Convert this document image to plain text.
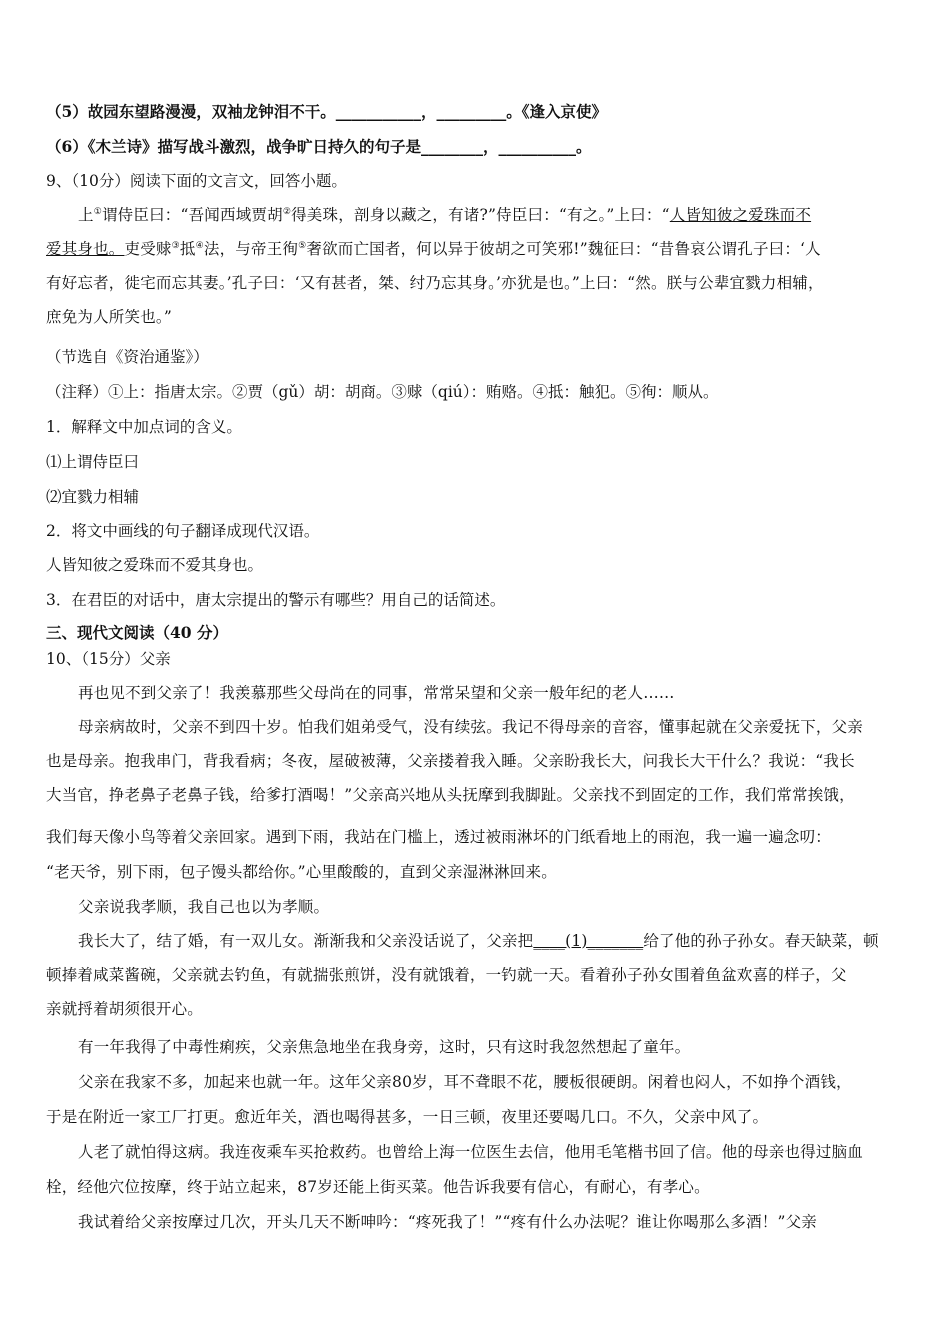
（5）故园东望路漫漫，双袖龙钟泪不干。___________，_________。《逢入京使》
（6）《木兰诗》描写战斗激烈，战争旷日持久的句子是________，__________。
9、（10分）阅读下面的文言文，回答小题。
上①谓侍臣曰：“吾闻西域贾胡②得美珠，剖身以藏之，有诸?”侍臣曰：“有之。”上曰：“人皆知彼之爱珠而不
爱其身也。吏受赇③抵④法，与帝王徇⑤奢欲而亡国者，何以异于彼胡之可笑邪!”魏征曰：“昔鲁哀公谓孔子曰：‘人
有好忘者，徙宅而忘其妻。’孔子曰：‘又有甚者，桀、纣乃忘其身。’亦犹是也。”上曰：“然。朕与公辈宜戮力相辅，
庶免为人所笑也。”
（节选自《资治通鉴》）
（注释）①上：指唐太宗。②贾（gǔ）胡：胡商。③赇（qiú）：贿赂。④抵：触犯。⑤徇：顺从。
1．解释文中加点词的含义。
⑴上谓侍臣曰
⑵宜戮力相辅
2．将文中画线的句子翻译成现代汉语。
人皆知彼之爱珠而不爱其身也。
3．在君臣的对话中，唐太宗提出的警示有哪些？用自己的话简述。
三、现代文阅读（40 分）
10、（15分）父亲
再也见不到父亲了！我羡慕那些父母尚在的同事，常常呆望和父亲一般年纪的老人……
母亲病故时，父亲不到四十岁。怕我们姐弟受气，没有续弦。我记不得母亲的音容，懂事起就在父亲爱抚下，父亲
也是母亲。抱我串门，背我看病；冬夜，屋破被薄，父亲搂着我入睡。父亲盼我长大，问我长大干什么？我说：“我长
大当官，挣老鼻子老鼻子钱，给爹打酒喝！”父亲高兴地从头抚摩到我脚趾。父亲找不到固定的工作，我们常常挨饿，
我们每天像小鸟等着父亲回家。遇到下雨，我站在门槛上，透过被雨淋坏的门纸看地上的雨泡，我一遍一遍念叨：
“老天爷，别下雨，包子馒头都给你。”心里酸酸的，直到父亲湿淋淋回来。
父亲说我孝顺，我自己也以为孝顺。
我长大了，结了婚，有一双儿女。渐渐我和父亲没话说了，父亲把____(1)_______给了他的孙子孙女。春天缺菜，顿
顿捧着咸菜酱碗，父亲就去钓鱼，有就揣张煎饼，没有就饿着，一钓就一天。看着孙子孙女围着鱼盆欢喜的样子，父
亲就捋着胡须很开心。
有一年我得了中毒性痢疾，父亲焦急地坐在我身旁，这时，只有这时我忽然想起了童年。
父亲在我家不多，加起来也就一年。这年父亲80岁，耳不聋眼不花，腰板很硬朗。闲着也闷人，不如挣个酒钱，
于是在附近一家工厂打更。愈近年关，酒也喝得甚多，一日三顿，夜里还要喝几口。不久，父亲中风了。
人老了就怕得这病。我连夜乘车买抢救药。也曾给上海一位医生去信，他用毛笔楷书回了信。他的母亲也得过脑血
栓，经他穴位按摩，终于站立起来，87岁还能上街买菜。他告诉我要有信心，有耐心，有孝心。
我试着给父亲按摩过几次，开头几天不断呻吟：“疼死我了！”“疼有什么办法呢？谁让你喝那么多酒！”父亲
